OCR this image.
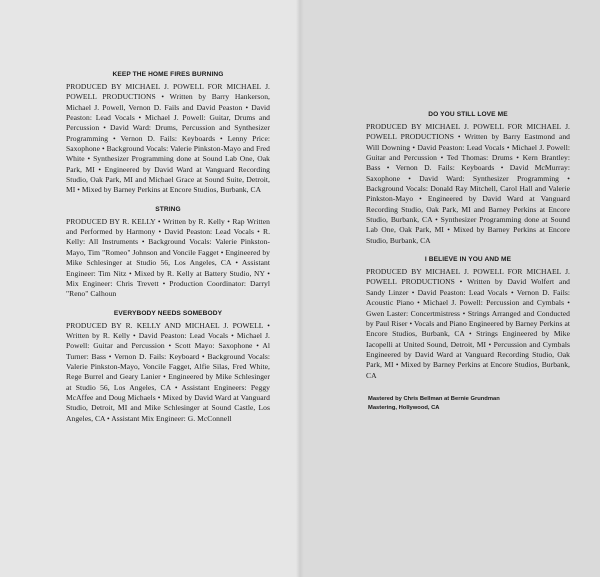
KEEP THE HOME FIRES BURNING
PRODUCED BY MICHAEL J. POWELL FOR MICHAEL J. POWELL PRODUCTIONS • Written by Barry Hankerson, Michael J. Powell, Vernon D. Fails and David Peaston • David Peaston: Lead Vocals • Michael J. Powell: Guitar, Drums and Percussion • David Ward: Drums, Percussion and Synthesizer Programming • Vernon D. Fails: Keyboards • Lenny Price: Saxophone • Background Vocals: Valerie Pinkston-Mayo and Fred White • Synthesizer Programming done at Sound Lab One, Oak Park, MI • Engineered by David Ward at Vanguard Recording Studio, Oak Park, MI and Michael Grace at Sound Suite, Detroit, MI • Mixed by Barney Perkins at Encore Studios, Burbank, CA
STRING
PRODUCED BY R. KELLY • Written by R. Kelly • Rap Written and Performed by Harmony • David Peaston: Lead Vocals • R. Kelly: All Instruments • Background Vocals: Valerie Pinkston-Mayo, Tim "Romeo" Johnson and Voncile Fagget • Engineered by Mike Schlesinger at Studio 56, Los Angeles, CA • Assistant Engineer: Tim Nitz • Mixed by R. Kelly at Battery Studio, NY • Mix Engineer: Chris Trevett • Production Coordinator: Darryl "Reno" Calhoun
EVERYBODY NEEDS SOMEBODY
PRODUCED BY R. KELLY AND MICHAEL J. POWELL • Written by R. Kelly • David Peaston: Lead Vocals • Michael J. Powell: Guitar and Percussion • Scott Mayo: Saxophone • Al Turner: Bass • Vernon D. Fails: Keyboard • Background Vocals: Valerie Pinkston-Mayo, Voncile Fagget, Alfie Silas, Fred White, Rege Burrel and Geary Lanier • Engineered by Mike Schlesinger at Studio 56, Los Angeles, CA • Assistant Engineers: Peggy McAffee and Doug Michaels • Mixed by David Ward at Vanguard Studio, Detroit, MI and Mike Schlesinger at Sound Castle, Los Angeles, CA • Assistant Mix Engineer: G. McConnell
DO YOU STILL LOVE ME
PRODUCED BY MICHAEL J. POWELL FOR MICHAEL J. POWELL PRODUCTIONS • Written by Barry Eastmond and Will Downing • David Peaston: Lead Vocals • Michael J. Powell: Guitar and Percussion • Ted Thomas: Drums • Kern Brantley: Bass • Vernon D. Fails: Keyboards • David McMurray: Saxophone • David Ward: Synthesizer Programming • Background Vocals: Donald Ray Mitchell, Carol Hall and Valerie Pinkston-Mayo • Engineered by David Ward at Vanguard Recording Studio, Oak Park, MI and Barney Perkins at Encore Studio, Burbank, CA • Synthesizer Programming done at Sound Lab One, Oak Park, MI • Mixed by Barney Perkins at Encore Studio, Burbank, CA
I BELIEVE IN YOU AND ME
PRODUCED BY MICHAEL J. POWELL FOR MICHAEL J. POWELL PRODUCTIONS • Written by David Wolfert and Sandy Linzer • David Peaston: Lead Vocals • Vernon D. Fails: Acoustic Piano • Michael J. Powell: Percussion and Cymbals • Gwen Laster: Concertmistress • Strings Arranged and Conducted by Paul Riser • Vocals and Piano Engineered by Barney Perkins at Encore Studios, Burbank, CA • Strings Engineered by Mike Iacopelli at United Sound, Detroit, MI • Percussion and Cymbals Engineered by David Ward at Vanguard Recording Studio, Oak Park, MI • Mixed by Barney Perkins at Encore Studios, Burbank, CA
Mastered by Chris Bellman at Bernie Grundman Mastering, Hollywood, CA
